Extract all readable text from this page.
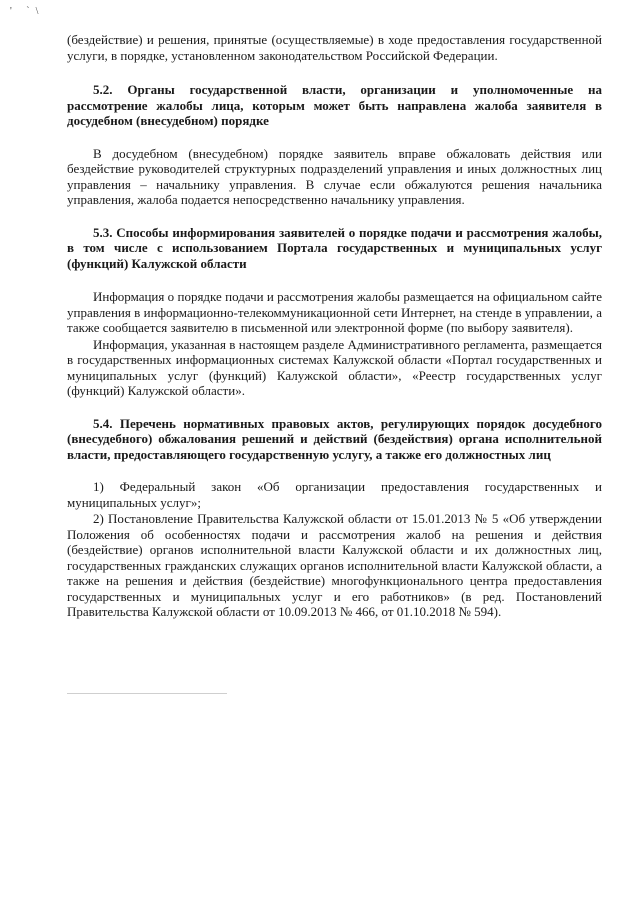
' `\

(бездействие) и решения, принятые (осуществляемые) в ходе предоставления государственной услуги, в порядке, установленном законодательством Российской Федерации.

5.2. Органы государственной власти, организации и уполномоченные на рассмотрение жалобы лица, которым может быть направлена жалоба заявителя в досудебном (внесудебном) порядке

В досудебном (внесудебном) порядке заявитель вправе обжаловать действия или бездействие руководителей структурных подразделений управления и иных должностных лиц управления – начальнику управления. В случае если обжалуются решения начальника управления, жалоба подается непосредственно начальнику управления.

5.3. Способы информирования заявителей о порядке подачи и рассмотрения жалобы, в том числе с использованием Портала государственных и муниципальных услуг (функций) Калужской области

Информация о порядке подачи и рассмотрения жалобы размещается на официальном сайте управления в информационно-телекоммуникационной сети Интернет, на стенде в управлении, а также сообщается заявителю в письменной или электронной форме (по выбору заявителя).

Информация, указанная в настоящем разделе Административного регламента, размещается в государственных информационных системах Калужской области «Портал государственных и муниципальных услуг (функций) Калужской области», «Реестр государственных услуг (функций) Калужской области».

5.4. Перечень нормативных правовых актов, регулирующих порядок досудебного (внесудебного) обжалования решений и действий (бездействия) органа исполнительной власти, предоставляющего государственную услугу, а также его должностных лиц

1) Федеральный закон «Об организации предоставления государственных и муниципальных услуг»;

2) Постановление Правительства Калужской области от 15.01.2013 № 5 «Об утверждении Положения об особенностях подачи и рассмотрения жалоб на решения и действия (бездействие) органов исполнительной власти Калужской области и их должностных лиц, государственных гражданских служащих органов исполнительной власти Калужской области, а также на решения и действия (бездействие) многофункционального центра предоставления государственных и муниципальных услуг и его работников» (в ред. Постановлений Правительства Калужской области от 10.09.2013 № 466, от 01.10.2018 № 594).
